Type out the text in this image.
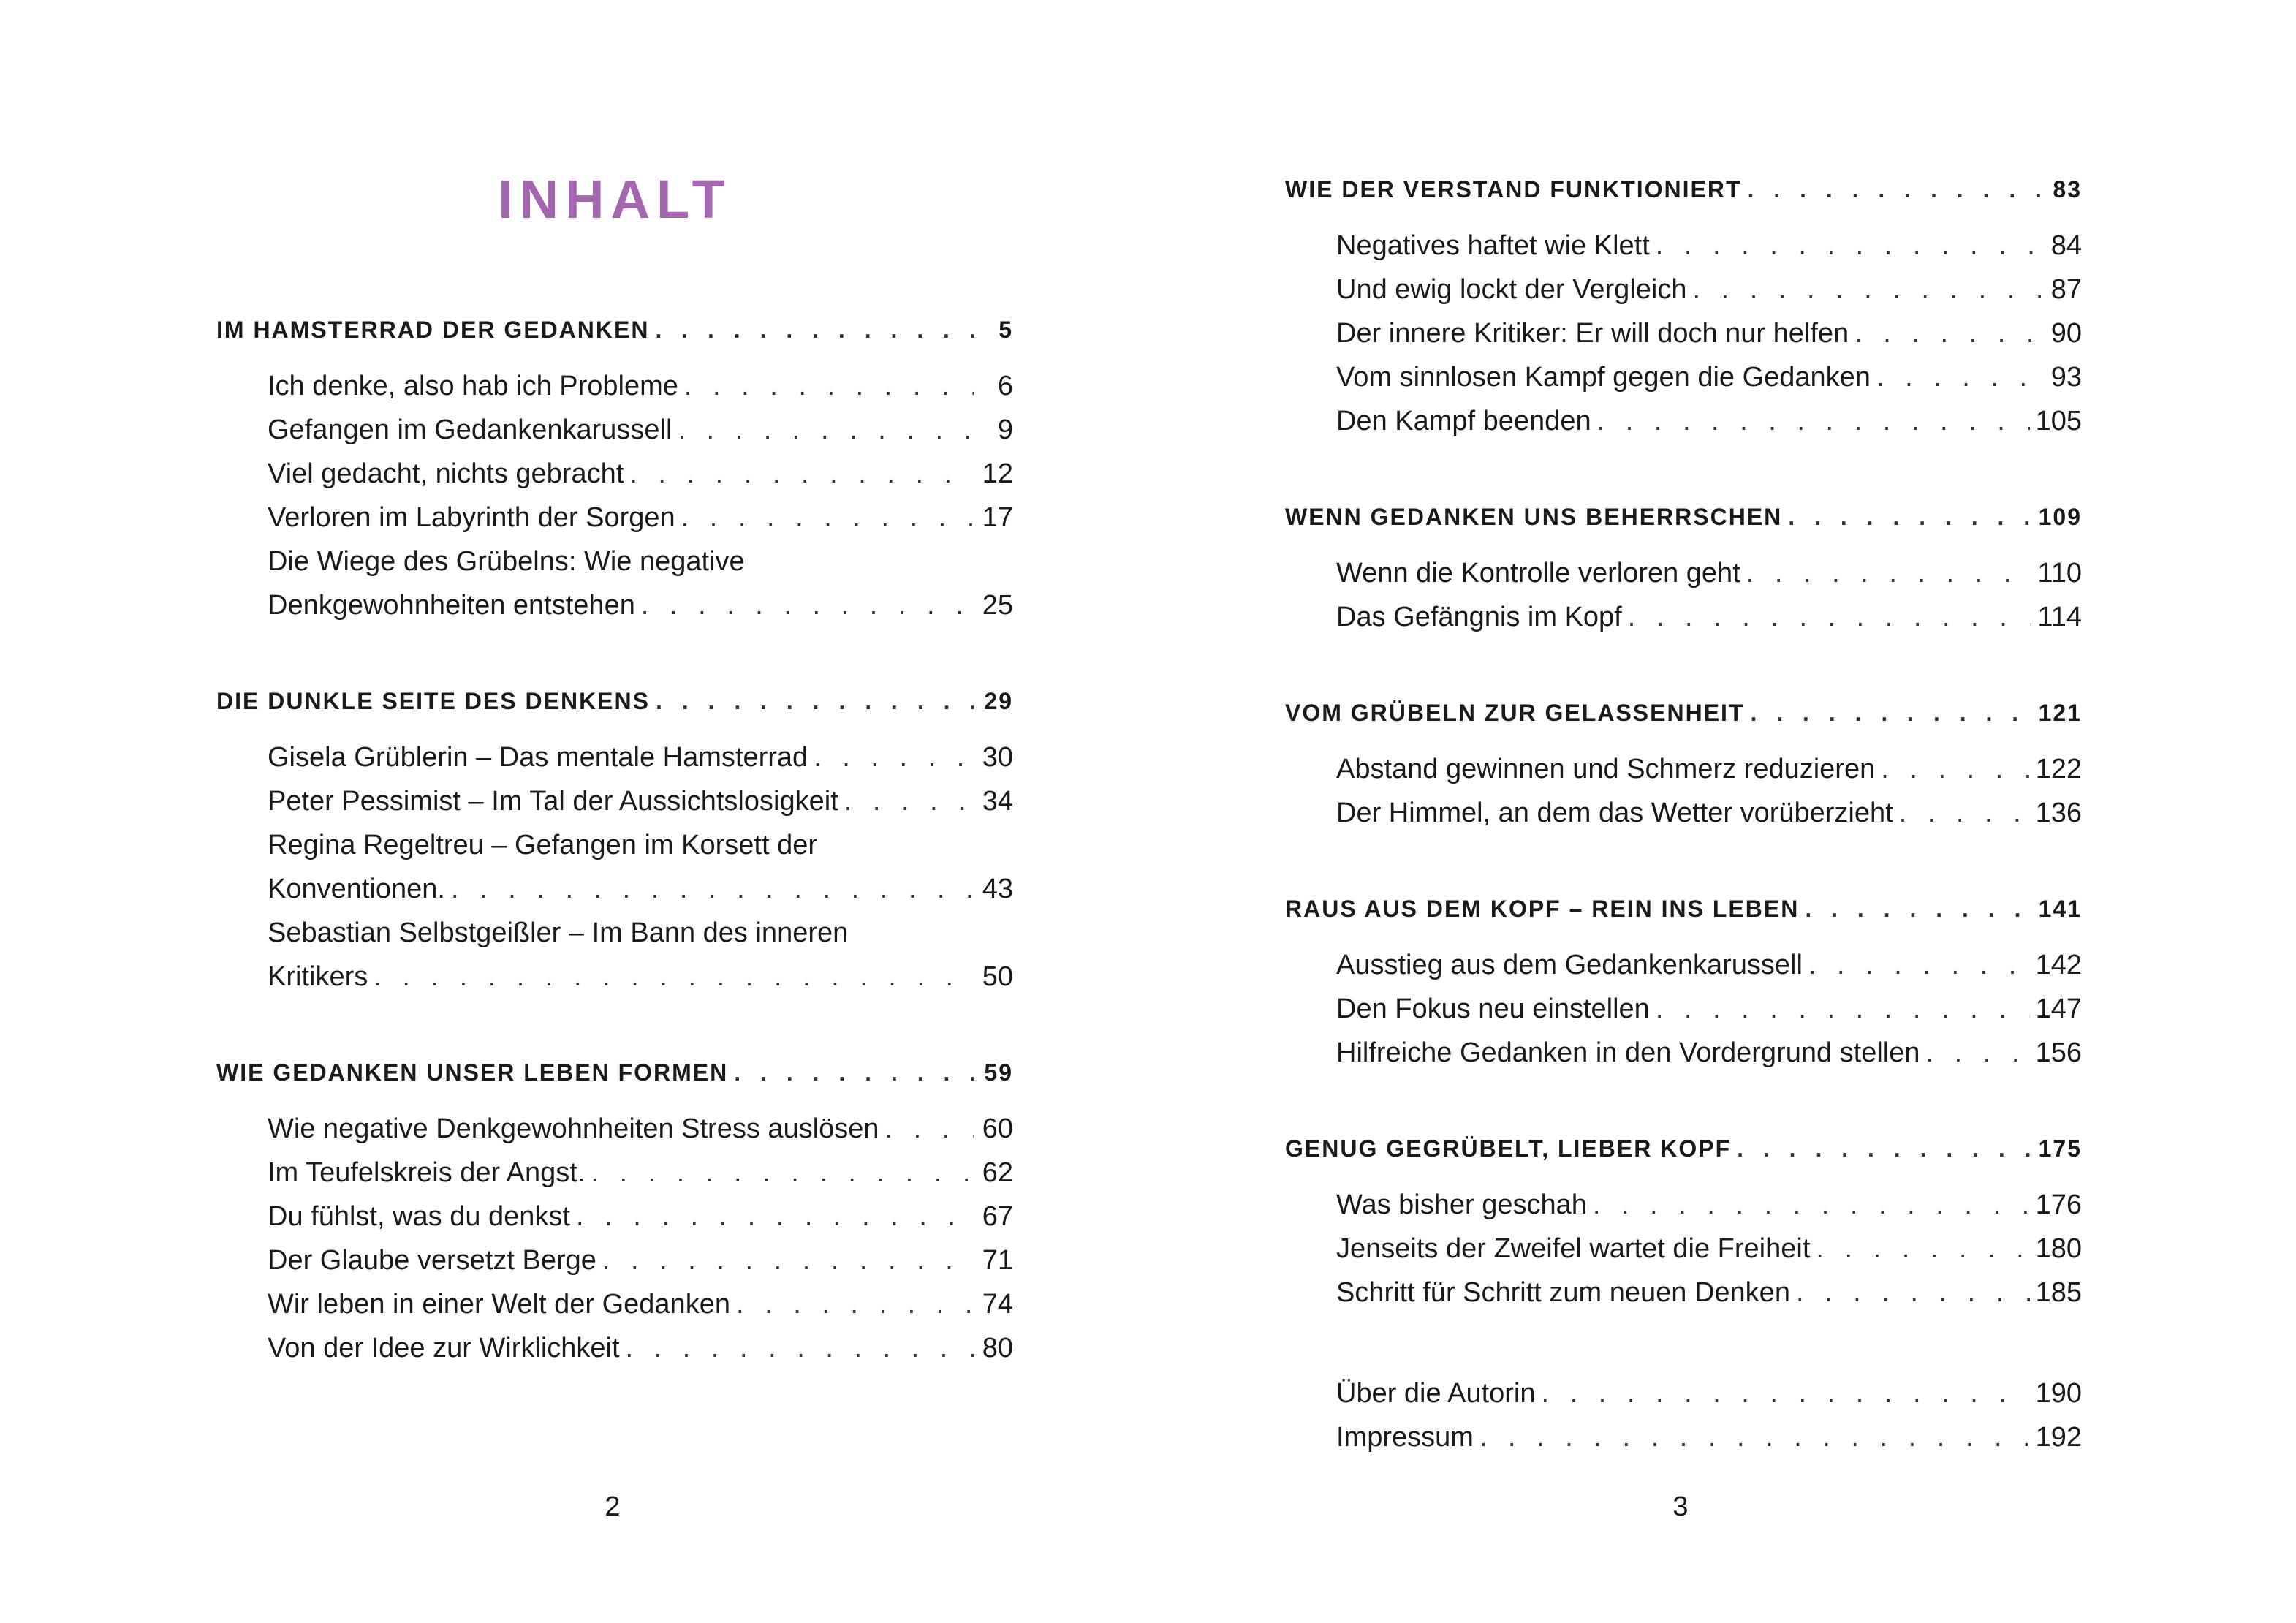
INHALT
IM HAMSTERRAD DER GEDANKEN . . .	5
Ich denke, also hab ich Probleme . . .	6
Gefangen im Gedankenkarussell . . .	9
Viel gedacht, nichts gebracht . . .	12
Verloren im Labyrinth der Sorgen . . .	17
Die Wiege des Grübelns: Wie negative
Denkgewohnheiten entstehen . . .	25
DIE DUNKLE SEITE DES DENKENS . . .	29
Gisela Grüblerin – Das mentale Hamsterrad . . .	30
Peter Pessimist – Im Tal der Aussichtslosigkeit . . .	34
Regina Regeltreu – Gefangen im Korsett der
Konventionen. . . .	43
Sebastian Selbstgeißler – Im Bann des inneren
Kritikers . . .	50
WIE GEDANKEN UNSER LEBEN FORMEN . . .	59
Wie negative Denkgewohnheiten Stress auslösen . . .	60
Im Teufelskreis der Angst. . . .	62
Du fühlst, was du denkst . . .	67
Der Glaube versetzt Berge . . .	71
Wir leben in einer Welt der Gedanken . . .	74
Von der Idee zur Wirklichkeit . . .	80
2
WIE DER VERSTAND FUNKTIONIERT . . .	83
Negatives haftet wie Klett . . .	84
Und ewig lockt der Vergleich . . .	87
Der innere Kritiker: Er will doch nur helfen . . .	90
Vom sinnlosen Kampf gegen die Gedanken . . .	93
Den Kampf beenden . . .	105
WENN GEDANKEN UNS BEHERRSCHEN . . .	109
Wenn die Kontrolle verloren geht . . .	110
Das Gefängnis im Kopf . . .	114
VOM GRÜBELN ZUR GELASSENHEIT . . .	121
Abstand gewinnen und Schmerz reduzieren . . .	122
Der Himmel, an dem das Wetter vorüberzieht . . .	136
RAUS AUS DEM KOPF – REIN INS LEBEN . . .	141
Ausstieg aus dem Gedankenkarussell . . .	142
Den Fokus neu einstellen . . .	147
Hilfreiche Gedanken in den Vordergrund stellen . . .	156
GENUG GEGRÜBELT, LIEBER KOPF . . .	175
Was bisher geschah . . .	176
Jenseits der Zweifel wartet die Freiheit . . .	180
Schritt für Schritt zum neuen Denken . . .	185
Über die Autorin . . .	190
Impressum . . .	192
3
